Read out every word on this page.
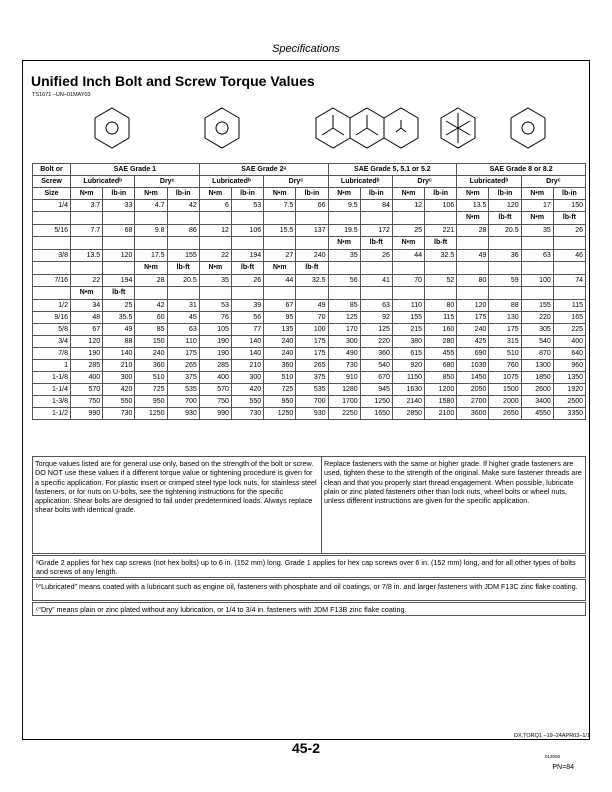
Specifications
Unified Inch Bolt and Screw Torque Values
TS1671 –UN–01MAY03
Bolt or	SAE Grade 1				SAE Grade 2ᵃ				SAE Grade 5, 5.1 or 5.2				SAE Grade 8 or 8.2			
Screw	Lubricatedᵇ		Dryᶜ		Lubricatedᵇ		Dryᶜ		Lubricatedᵇ		Dryᶜ		Lubricatedᵇ		Dryᶜ	
Size	N•m	lb-in	N•m	lb-in	N•m	lb-in	N•m	lb-in	N•m	lb-in	N•m	lb-in	N•m	lb-in	N•m	lb-in
1/4	3.7	33	4.7	42	6	53	7.5	66	9.5	84	12	106	13.5	120	17	150
													N•m	lb-ft	N•m	lb-ft
5/16	7.7	68	9.8	86	12	106	15.5	137	19.5	172	25	221	28	20.5	35	26
									N•m	lb-ft	N•m	lb-ft				
3/8	13.5	120	17.5	155	22	194	27	240	35	26	44	32.5	49	36	63	46
			N•m	lb-ft	N•m	lb-ft	N•m	lb-ft								
7/16	22	194	28	20.5	35	26	44	32.5	56	41	70	52	80	59	100	74
	N•m	lb-ft														
1/2	34	25	42	31	53	39	67	49	85	63	110	80	120	88	155	115
9/16	48	35.5	60	45	76	56	95	70	125	92	155	115	175	130	220	165
5/8	67	49	85	63	105	77	135	100	170	125	215	160	240	175	305	225
3/4	120	88	150	110	190	140	240	175	300	220	380	280	425	315	540	400
7/8	190	140	240	175	190	140	240	175	490	360	615	455	690	510	870	640
1	285	210	360	265	285	210	360	265	730	540	920	680	1030	760	1300	960
1-1/8	400	300	510	375	400	300	510	375	910	670	1150	850	1450	1075	1850	1350
1-1/4	570	420	725	535	570	420	725	535	1280	945	1630	1200	2050	1500	2600	1920
1-3/8	750	550	950	700	750	550	950	700	1700	1250	2140	1580	2700	2000	3400	2500
1-1/2	990	730	1250	930	990	730	1250	930	2250	1650	2850	2100	3600	2650	4550	3350
Torque values listed are for general use only, based on the strength of the bolt or screw. DO NOT use these values if a different torque value or tightening procedure is given for a specific application. For plastic insert or crimped steel type lock nuts, for stainless steel fasteners, or for nuts on U-bolts, see the tightening instructions for the specific application. Shear bolts are designed to fail under predetermined loads. Always replace shear bolts with identical grade.
Replace fasteners with the same or higher grade. If higher grade fasteners are used, tighten these to the strength of the original. Make sure fastener threads are clean and that you properly start thread engagement. When possible, lubricate plain or zinc plated fasteners other than lock nuts, wheel bolts or wheel nuts, unless different instructions are given for the specific application.
ᵃGrade 2 applies for hex cap screws (not hex bolts) up to 6 in. (152 mm) long. Grade 1 applies for hex cap screws over 6 in. (152 mm) long, and for all other types of bolts and screws of any length.
ᵇ“Lubricated” means coated with a lubricant such as engine oil, fasteners with phosphate and oil coatings, or 7/8 in. and larger fasteners with JDM F13C zinc flake coating.
ᶜ“Dry” means plain or zinc plated without any lubrication, or 1/4 to 3/4 in. fasteners with JDM F13B zinc flake coating.
DX,TORQ1 –19–24APR03–1/1
45-2
013006
PN=84
